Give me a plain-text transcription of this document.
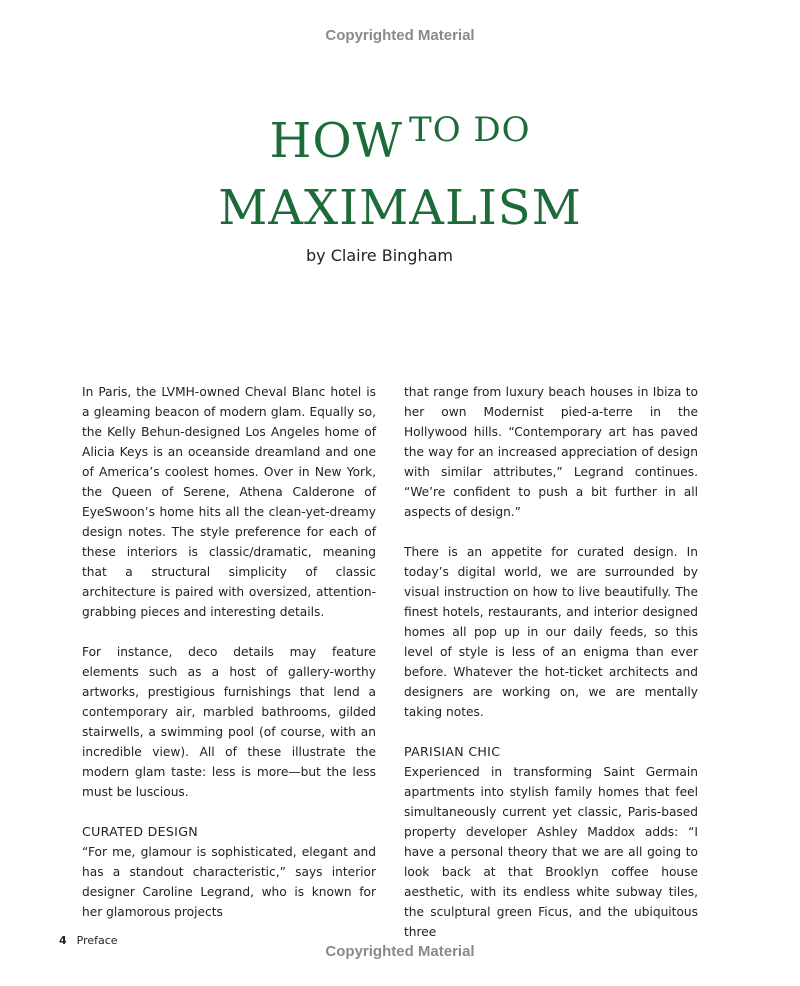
Copyrighted Material
HOW TO DO
MAXIMALISM
by Claire Bingham

In Paris, the LVMH-owned Cheval Blanc hotel is a gleaming beacon of modern glam. Equally so, the Kelly Behun-designed Los Angeles home of Alicia Keys is an oceanside dreamland and one of America’s coolest homes. Over in New York, the Queen of Serene, Athena Calderone of EyeSwoon’s home hits all the clean-yet-dreamy design notes. The style preference for each of these interiors is classic/dramatic, meaning that a structural simplicity of classic architecture is paired with oversized, attention-grabbing pieces and interesting details.

For instance, deco details may feature elements such as a host of gallery-worthy artworks, prestigious furnishings that lend a contemporary air, marbled bathrooms, gilded stairwells, a swimming pool (of course, with an incredible view). All of these illustrate the modern glam taste: less is more—but the less must be luscious.

CURATED DESIGN

“For me, glamour is sophisticated, elegant and has a standout characteristic,” says interior designer Caroline Legrand, who is known for her glamorous projects

that range from luxury beach houses in Ibiza to her own Modernist pied-a-terre in the Hollywood hills. “Contemporary art has paved the way for an increased appreciation of design with similar attributes,” Legrand continues. “We’re confident to push a bit further in all aspects of design.”

There is an appetite for curated design. In today’s digital world, we are surrounded by visual instruction on how to live beautifully. The finest hotels, restaurants, and interior designed homes all pop up in our daily feeds, so this level of style is less of an enigma than ever before. Whatever the hot-ticket architects and designers are working on, we are mentally taking notes.

PARISIAN CHIC

Experienced in transforming Saint Germain apartments into stylish family homes that feel simultaneously current yet classic, Paris-based property developer Ashley Maddox adds: “I have a personal theory that we are all going to look back at that Brooklyn coffee house aesthetic, with its endless white subway tiles, the sculptural green Ficus, and the ubiquitous three

4 Preface
Copyrighted Material
